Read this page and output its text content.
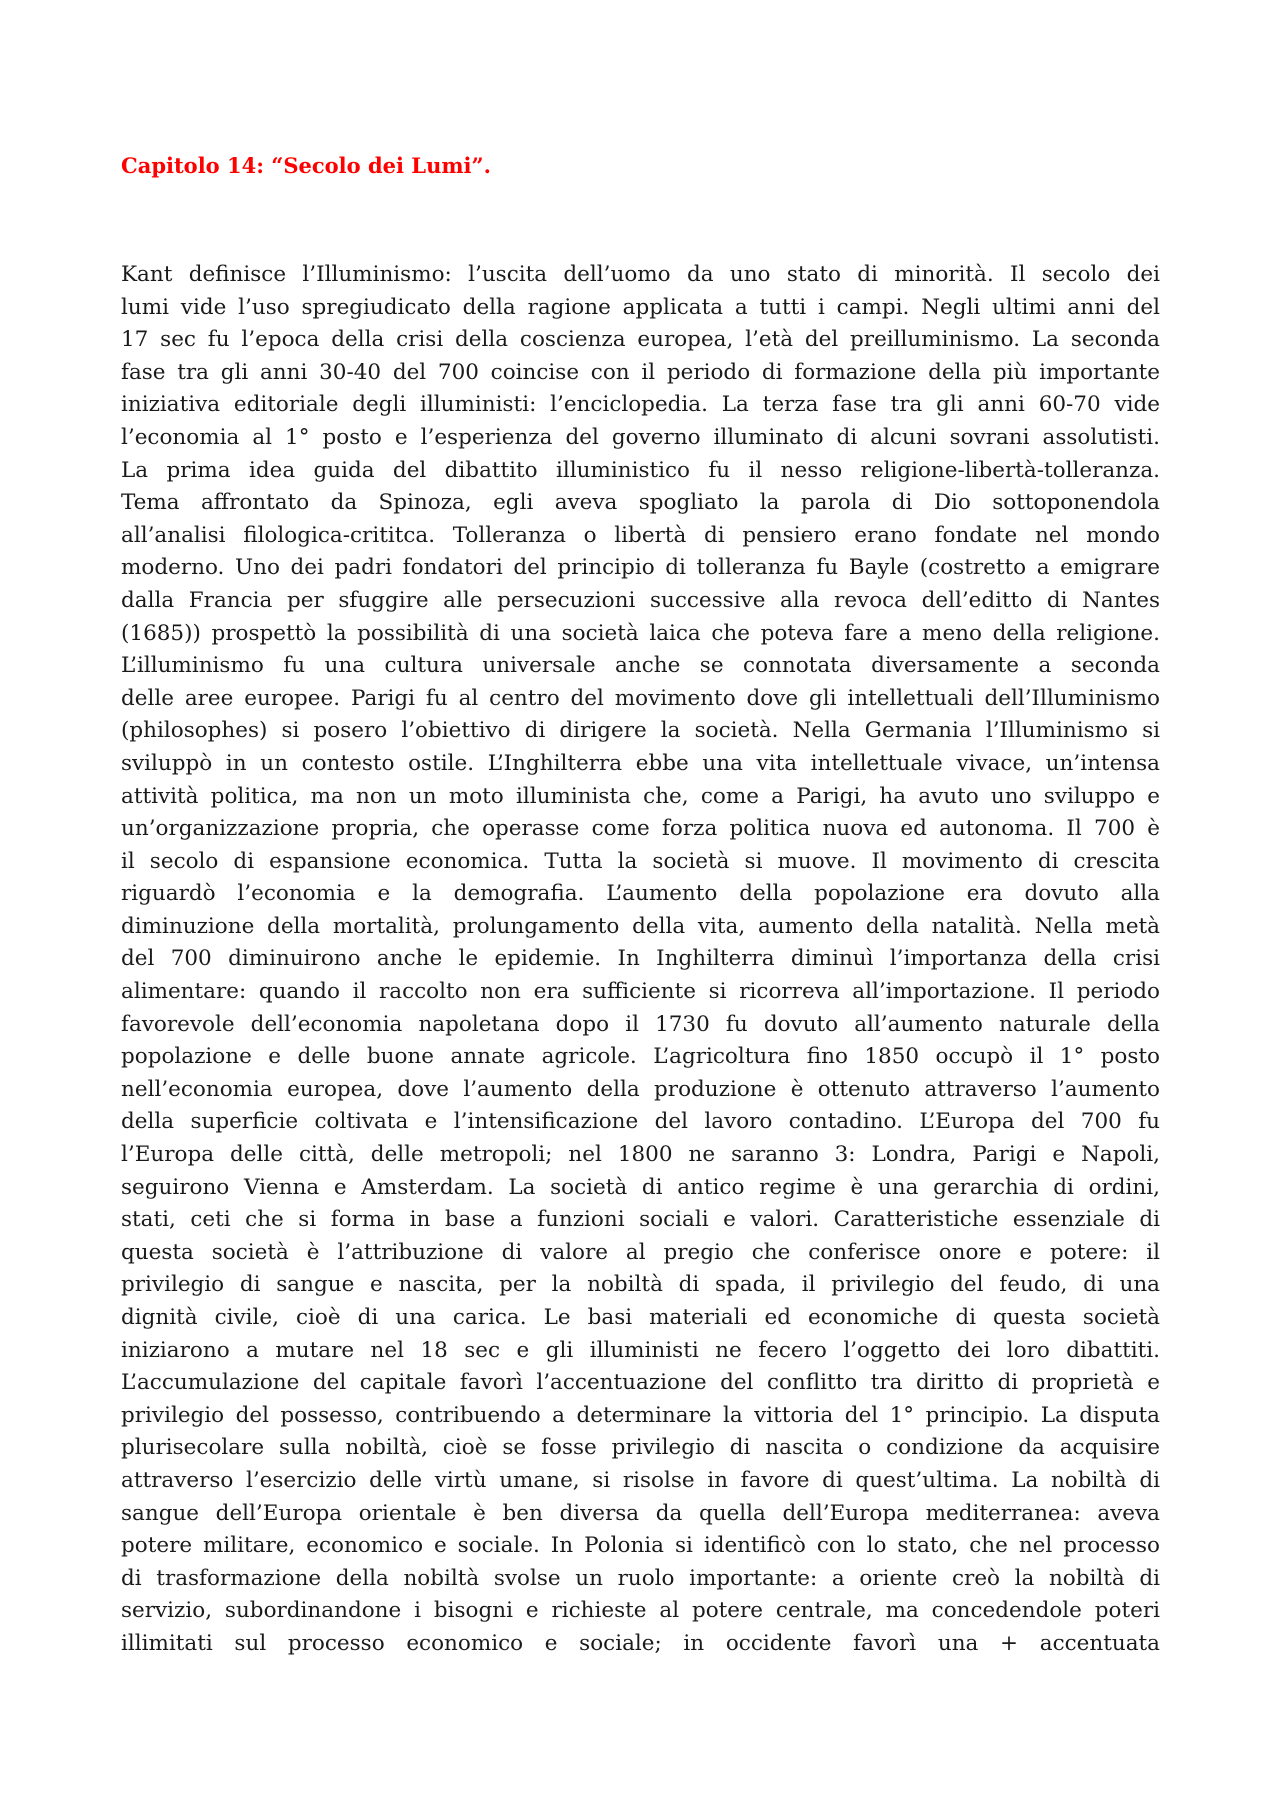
Capitolo 14: “Secolo dei Lumi”.
Kant definisce l’Illuminismo: l’uscita dell’uomo da uno stato di minorità. Il secolo dei
lumi vide l’uso spregiudicato della ragione applicata a tutti i campi. Negli ultimi anni del
17 sec fu l’epoca della crisi della coscienza europea, l’età del preilluminismo. La seconda
fase tra gli anni 30-40 del 700 coincise con il periodo di formazione della più importante
iniziativa editoriale degli illuministi: l’enciclopedia. La terza fase tra gli anni 60-70 vide
l’economia al 1° posto e l’esperienza del governo illuminato di alcuni sovrani assolutisti.
La prima idea guida del dibattito illuministico fu il nesso religione-libertà-tolleranza.
Tema affrontato da Spinoza, egli aveva spogliato la parola di Dio sottoponendola
all’analisi filologica-crititca. Tolleranza o libertà di pensiero erano fondate nel mondo
moderno. Uno dei padri fondatori del principio di tolleranza fu Bayle (costretto a emigrare
dalla Francia per sfuggire alle persecuzioni successive alla revoca dell’editto di Nantes
(1685)) prospettò la possibilità di una società laica che poteva fare a meno della religione.
L’illuminismo fu una cultura universale anche se connotata diversamente a seconda
delle aree europee. Parigi fu al centro del movimento dove gli intellettuali dell’Illuminismo
(philosophes) si posero l’obiettivo di dirigere la società. Nella Germania l’Illuminismo si
sviluppò in un contesto ostile. L’Inghilterra ebbe una vita intellettuale vivace, un’intensa
attività politica, ma non un moto illuminista che, come a Parigi, ha avuto uno sviluppo e
un’organizzazione propria, che operasse come forza politica nuova ed autonoma. Il 700 è
il secolo di espansione economica. Tutta la società si muove. Il movimento di crescita
riguardò l’economia e la demografia. L’aumento della popolazione era dovuto alla
diminuzione della mortalità, prolungamento della vita, aumento della natalità. Nella metà
del 700 diminuirono anche le epidemie. In Inghilterra diminuì l’importanza della crisi
alimentare: quando il raccolto non era sufficiente si ricorreva all’importazione. Il periodo
favorevole dell’economia napoletana dopo il 1730 fu dovuto all’aumento naturale della
popolazione e delle buone annate agricole. L’agricoltura fino 1850 occupò il 1° posto
nell’economia europea, dove l’aumento della produzione è ottenuto attraverso l’aumento
della superficie coltivata e l’intensificazione del lavoro contadino. L’Europa del 700 fu
l’Europa delle città, delle metropoli; nel 1800 ne saranno 3: Londra, Parigi e Napoli,
seguirono Vienna e Amsterdam. La società di antico regime è una gerarchia di ordini,
stati, ceti che si forma in base a funzioni sociali e valori. Caratteristiche essenziale di
questa società è l’attribuzione di valore al pregio che conferisce onore e potere: il
privilegio di sangue e nascita, per la nobiltà di spada, il privilegio del feudo, di una
dignità civile, cioè di una carica. Le basi materiali ed economiche di questa società
iniziarono a mutare nel 18 sec e gli illuministi ne fecero l’oggetto dei loro dibattiti.
L’accumulazione del capitale favorì l’accentuazione del conflitto tra diritto di proprietà e
privilegio del possesso, contribuendo a determinare la vittoria del 1° principio. La disputa
plurisecolare sulla nobiltà, cioè se fosse privilegio di nascita o condizione da acquisire
attraverso l’esercizio delle virtù umane, si risolse in favore di quest’ultima. La nobiltà di
sangue dell’Europa orientale è ben diversa da quella dell’Europa mediterranea: aveva
potere militare, economico e sociale. In Polonia si identificò con lo stato, che nel processo
di trasformazione della nobiltà svolse un ruolo importante: a oriente creò la nobiltà di
servizio, subordinandone i bisogni e richieste al potere centrale, ma concedendole poteri
illimitati sul processo economico e sociale; in occidente favorì una + accentuata
